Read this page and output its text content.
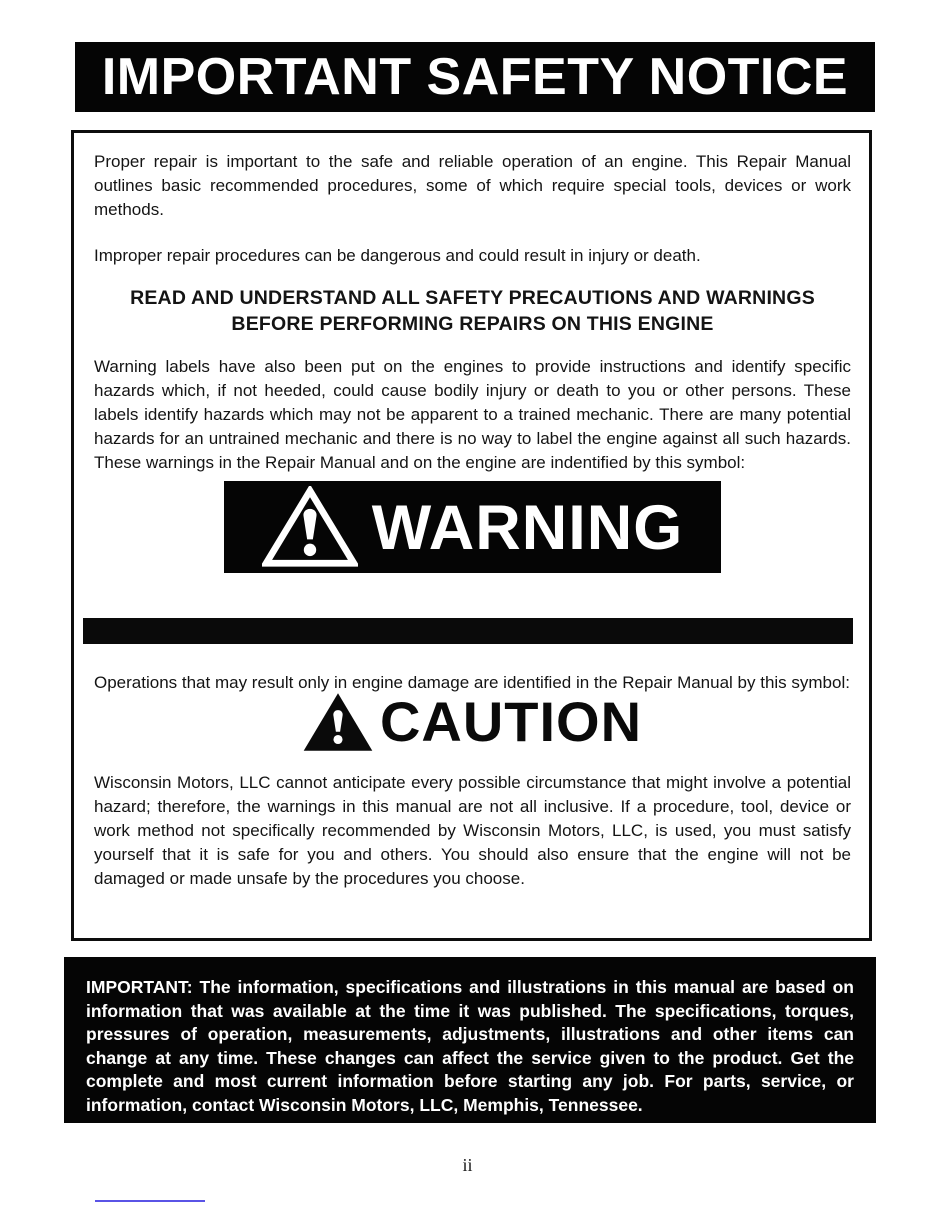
IMPORTANT SAFETY NOTICE

Proper repair is important to the safe and reliable operation of an engine. This Repair Manual outlines basic recommended procedures, some of which require special tools, devices or work methods.

Improper repair procedures can be dangerous and could result in injury or death.

READ AND UNDERSTAND ALL SAFETY PRECAUTIONS AND WARNINGS BEFORE PERFORMING REPAIRS ON THIS ENGINE

Warning labels have also been put on the engines to provide instructions and identify specific hazards which, if not heeded, could cause bodily injury or death to you or other persons. These labels identify hazards which may not be apparent to a trained mechanic. There are many potential hazards for an untrained mechanic and there is no way to label the engine against all such hazards. These warnings in the Repair Manual and on the engine are indentified by this symbol:

WARNING

Operations that may result only in engine damage are identified in the Repair Manual by this symbol:

CAUTION

Wisconsin Motors, LLC cannot anticipate every possible circumstance that might involve a potential hazard; therefore, the warnings in this manual are not all inclusive. If a procedure, tool, device or work method not specifically recommended by Wisconsin Motors, LLC, is used, you must satisfy yourself that it is safe for you and others. You should also ensure that the engine will not be damaged or made unsafe by the procedures you choose.

IMPORTANT: The information, specifications and illustrations in this manual are based on information that was available at the time it was published. The specifications, torques, pressures of operation, measurements, adjustments, illustrations and other items can change at any time. These changes can affect the service given to the product. Get the complete and most current information before starting any job. For parts, service, or information, contact Wisconsin Motors, LLC, Memphis, Tennessee.
ii
